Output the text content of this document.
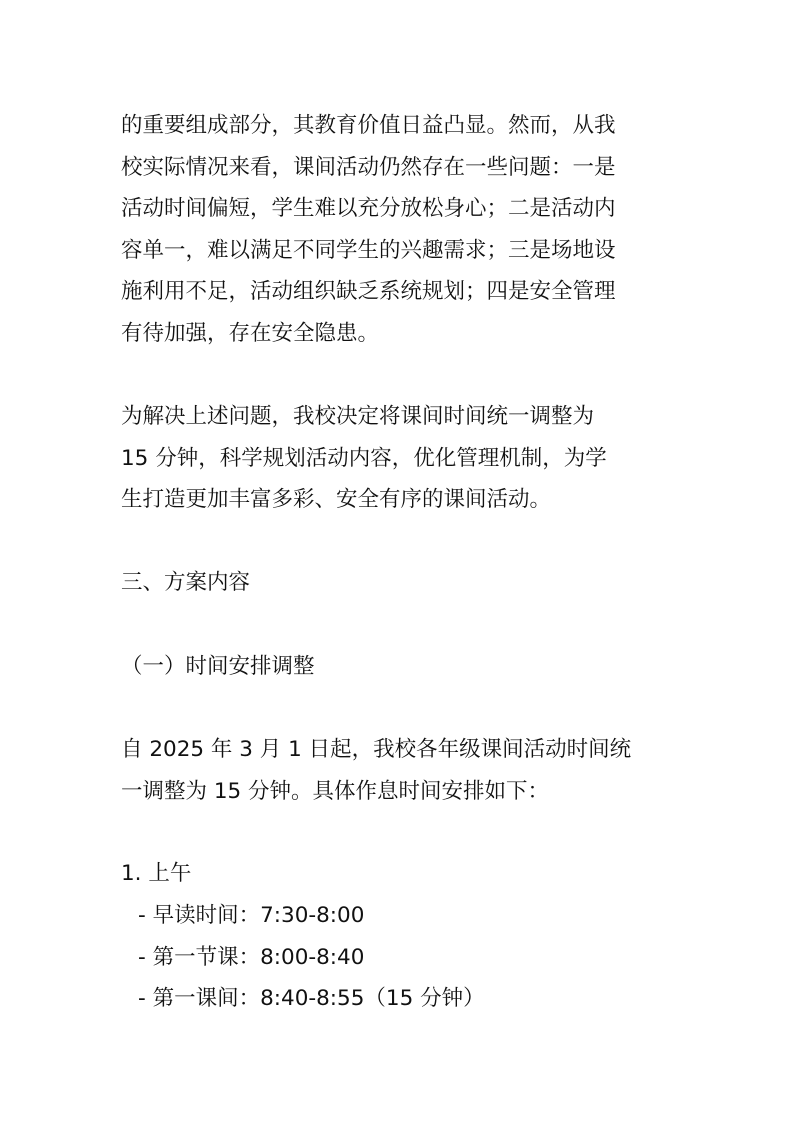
的重要组成部分，其教育价值日益凸显。然而，从我
校实际情况来看，课间活动仍然存在一些问题：一是
活动时间偏短，学生难以充分放松身心；二是活动内
容单一，难以满足不同学生的兴趣需求；三是场地设
施利用不足，活动组织缺乏系统规划；四是安全管理
有待加强，存在安全隐患。

为解决上述问题，我校决定将课间时间统一调整为
15 分钟，科学规划活动内容，优化管理机制，为学
生打造更加丰富多彩、安全有序的课间活动。

三、方案内容

（一）时间安排调整

自 2025 年 3 月 1 日起，我校各年级课间活动时间统
一调整为 15 分钟。具体作息时间安排如下：

1. 上午

- 早读时间：7:30-8:00
- 第一节课：8:00-8:40
- 第一课间：8:40-8:55（15 分钟）
